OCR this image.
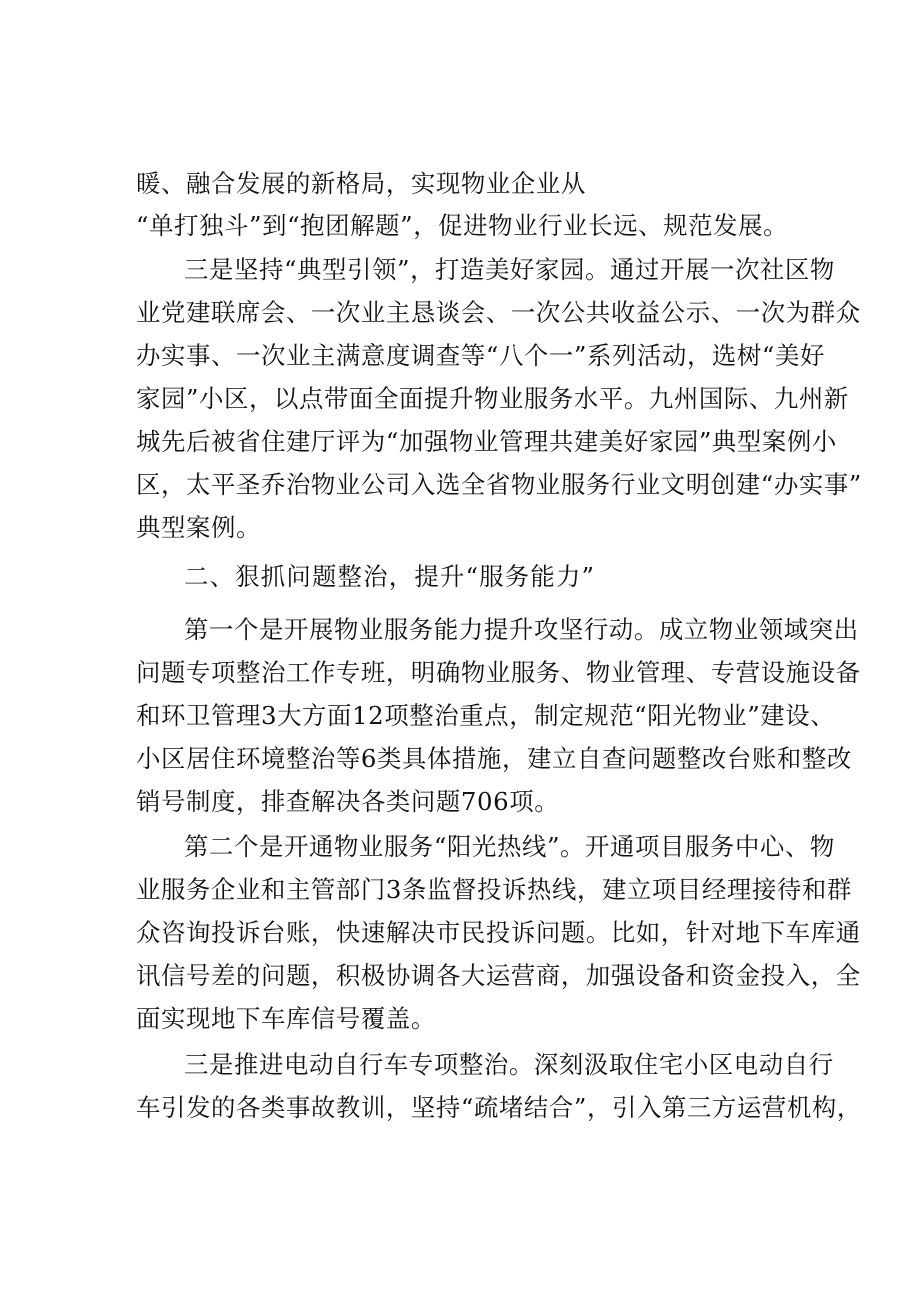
暖、融合发展的新格局，实现物业企业从
“单打独斗”到“抱团解题”，促进物业行业长远、规范发展。
三是坚持“典型引领”，打造美好家园。通过开展一次社区物
业党建联席会、一次业主恳谈会、一次公共收益公示、一次为群众
办实事、一次业主满意度调查等“八个一”系列活动，选树“美好
家园”小区，以点带面全面提升物业服务水平。九州国际、九州新
城先后被省住建厅评为“加强物业管理共建美好家园”典型案例小
区，太平圣乔治物业公司入选全省物业服务行业文明创建“办实事”
典型案例。
二、狠抓问题整治，提升“服务能力”
第一个是开展物业服务能力提升攻坚行动。成立物业领域突出
问题专项整治工作专班，明确物业服务、物业管理、专营设施设备
和环卫管理3大方面12项整治重点，制定规范“阳光物业”建设、
小区居住环境整治等6类具体措施，建立自查问题整改台账和整改
销号制度，排查解决各类问题706项。
第二个是开通物业服务“阳光热线”。开通项目服务中心、物
业服务企业和主管部门3条监督投诉热线，建立项目经理接待和群
众咨询投诉台账，快速解决市民投诉问题。比如，针对地下车库通
讯信号差的问题，积极协调各大运营商，加强设备和资金投入，全
面实现地下车库信号覆盖。
三是推进电动自行车专项整治。深刻汲取住宅小区电动自行
车引发的各类事故教训，坚持“疏堵结合”，引入第三方运营机构，
